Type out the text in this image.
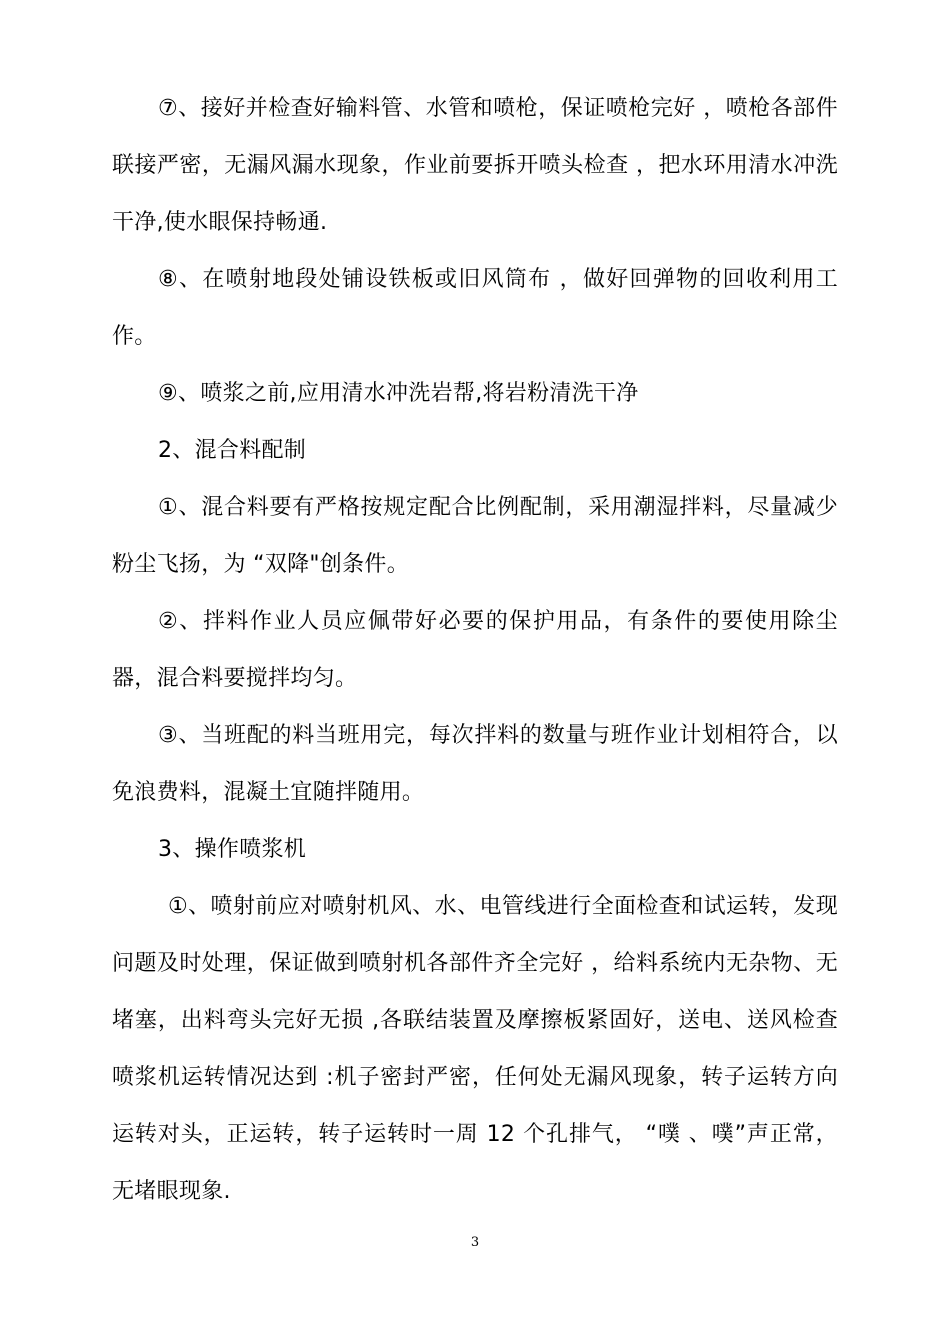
⑦、接好并检查好输料管、水管和喷枪，保证喷枪完好 ，喷枪各部件联接严密，无漏风漏水现象，作业前要拆开喷头检查 ，把水环用清水冲洗干净,使水眼保持畅通.

⑧、在喷射地段处铺设铁板或旧风筒布 ，做好回弹物的回收利用工作。

⑨、喷浆之前,应用清水冲洗岩帮,将岩粉清洗干净

2、混合料配制

①、混合料要有严格按规定配合比例配制，采用潮湿拌料，尽量减少粉尘飞扬，为 “双降"创条件。

②、拌料作业人员应佩带好必要的保护用品，有条件的要使用除尘器，混合料要搅拌均匀。

③、当班配的料当班用完，每次拌料的数量与班作业计划相符合，以免浪费料，混凝土宜随拌随用。

3、操作喷浆机

①、喷射前应对喷射机风、水、电管线进行全面检查和试运转，发现问题及时处理，保证做到喷射机各部件齐全完好 ，给料系统内无杂物、无堵塞，出料弯头完好无损 ,各联结装置及摩擦板紧固好，送电、送风检查喷浆机运转情况达到 :机子密封严密，任何处无漏风现象，转子运转方向运转对头，正运转，转子运转时一周 12 个孔排气， “噗 、噗”声正常，无堵眼现象.

3
